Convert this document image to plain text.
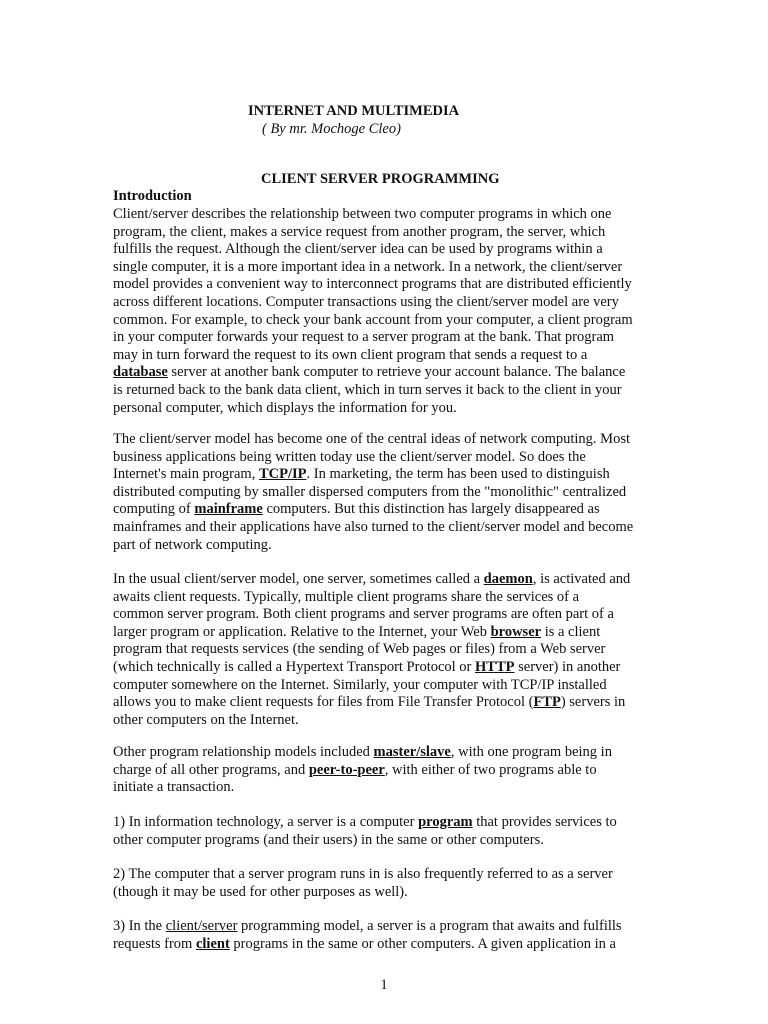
INTERNET AND MULTIMEDIA
( By mr. Mochoge Cleo)
CLIENT SERVER PROGRAMMING
Introduction
Client/server describes the relationship between two computer programs in which one
program, the client, makes a service request from another program, the server, which
fulfills the request. Although the client/server idea can be used by programs within a
single computer, it is a more important idea in a network. In a network, the client/server
model provides a convenient way to interconnect programs that are distributed efficiently
across different locations. Computer transactions using the client/server model are very
common. For example, to check your bank account from your computer, a client program
in your computer forwards your request to a server program at the bank. That program
may in turn forward the request to its own client program that sends a request to a
database server at another bank computer to retrieve your account balance. The balance
is returned back to the bank data client, which in turn serves it back to the client in your
personal computer, which displays the information for you.
The client/server model has become one of the central ideas of network computing. Most
business applications being written today use the client/server model. So does the
Internet's main program, TCP/IP. In marketing, the term has been used to distinguish
distributed computing by smaller dispersed computers from the "monolithic" centralized
computing of mainframe computers. But this distinction has largely disappeared as
mainframes and their applications have also turned to the client/server model and become
part of network computing.
In the usual client/server model, one server, sometimes called a daemon, is activated and
awaits client requests. Typically, multiple client programs share the services of a
common server program. Both client programs and server programs are often part of a
larger program or application. Relative to the Internet, your Web browser is a client
program that requests services (the sending of Web pages or files) from a Web server
(which technically is called a Hypertext Transport Protocol or HTTP server) in another
computer somewhere on the Internet. Similarly, your computer with TCP/IP installed
allows you to make client requests for files from File Transfer Protocol (FTP) servers in
other computers on the Internet.
Other program relationship models included master/slave, with one program being in
charge of all other programs, and peer-to-peer, with either of two programs able to
initiate a transaction.
1) In information technology, a server is a computer program that provides services to
other computer programs (and their users) in the same or other computers.
2) The computer that a server program runs in is also frequently referred to as a server
(though it may be used for other purposes as well).
3) In the client/server programming model, a server is a program that awaits and fulfills
requests from client programs in the same or other computers. A given application in a
1
